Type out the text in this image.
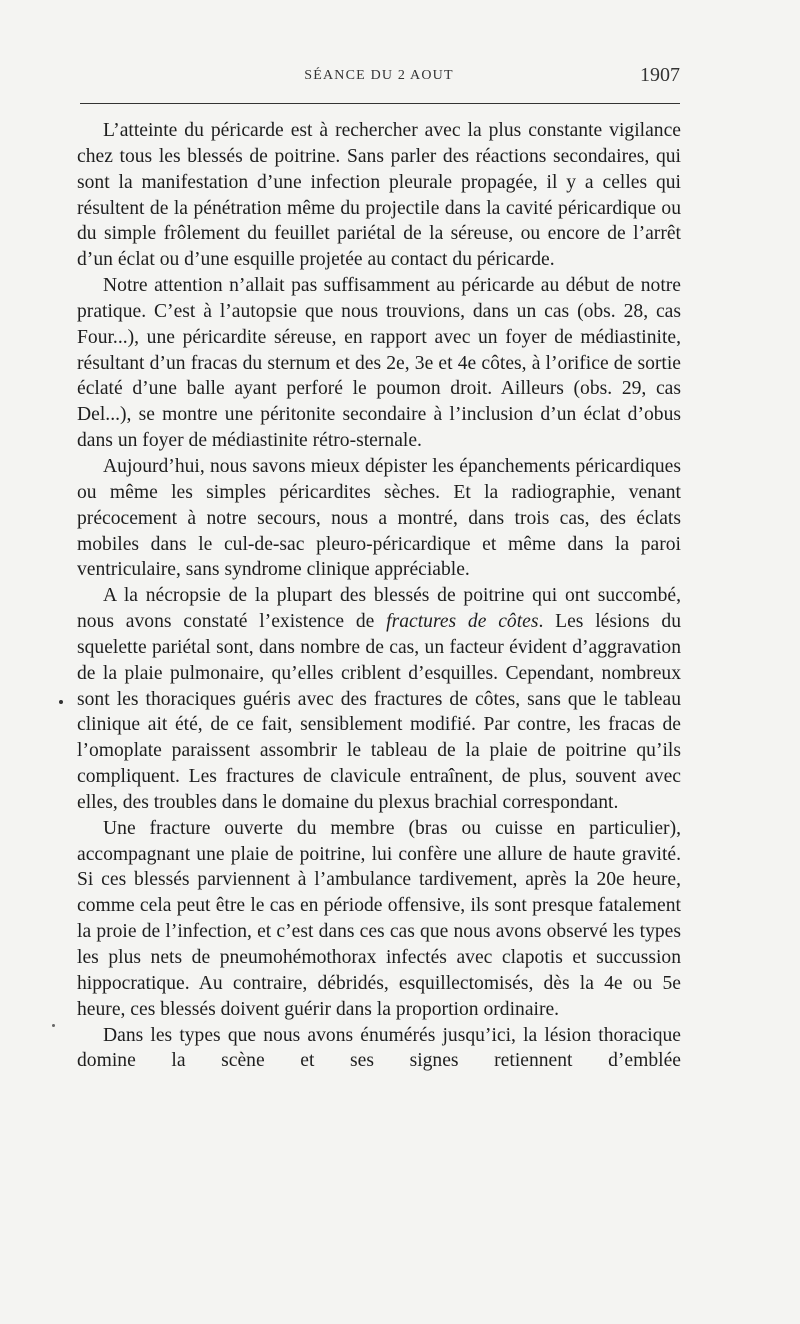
SÉANCE DU 2 AOUT	1907

L’atteinte du péricarde est à rechercher avec la plus constante vigilance chez tous les blessés de poitrine. Sans parler des réactions secondaires, qui sont la manifestation d’une infection pleurale propagée, il y a celles qui résultent de la pénétration même du projectile dans la cavité péricardique ou du simple frôlement du feuillet pariétal de la séreuse, ou encore de l’arrêt d’un éclat ou d’une esquille projetée au contact du péricarde.

Notre attention n’allait pas suffisamment au péricarde au début de notre pratique. C’est à l’autopsie que nous trouvions, dans un cas (obs. 28, cas Four...), une péricardite séreuse, en rapport avec un foyer de médiastinite, résultant d’un fracas du sternum et des 2e, 3e et 4e côtes, à l’orifice de sortie éclaté d’une balle ayant perforé le poumon droit. Ailleurs (obs. 29, cas Del...), se montre une péritonite secondaire à l’inclusion d’un éclat d’obus dans un foyer de médiastinite rétro-sternale.

Aujourd’hui, nous savons mieux dépister les épanchements péricardiques ou même les simples péricardites sèches. Et la radiographie, venant précocement à notre secours, nous a montré, dans trois cas, des éclats mobiles dans le cul-de-sac pleuro-péricardique et même dans la paroi ventriculaire, sans syndrome clinique appréciable.

A la nécropsie de la plupart des blessés de poitrine qui ont succombé, nous avons constaté l’existence de fractures de côtes. Les lésions du squelette pariétal sont, dans nombre de cas, un facteur évident d’aggravation de la plaie pulmonaire, qu’elles criblent d’esquilles. Cependant, nombreux sont les thoraciques guéris avec des fractures de côtes, sans que le tableau clinique ait été, de ce fait, sensiblement modifié. Par contre, les fracas de l’omoplate paraissent assombrir le tableau de la plaie de poitrine qu’ils compliquent. Les fractures de clavicule entraînent, de plus, souvent avec elles, des troubles dans le domaine du plexus brachial correspondant.

Une fracture ouverte du membre (bras ou cuisse en particulier), accompagnant une plaie de poitrine, lui confère une allure de haute gravité. Si ces blessés parviennent à l’ambulance tardivement, après la 20e heure, comme cela peut être le cas en période offensive, ils sont presque fatalement la proie de l’infection, et c’est dans ces cas que nous avons observé les types les plus nets de pneumohémothorax infectés avec clapotis et succussion hippocratique. Au contraire, débridés, esquillectomisés, dès la 4e ou 5e heure, ces blessés doivent guérir dans la proportion ordinaire.

Dans les types que nous avons énumérés jusqu’ici, la lésion thoracique domine la scène et ses signes retiennent d’emblée
